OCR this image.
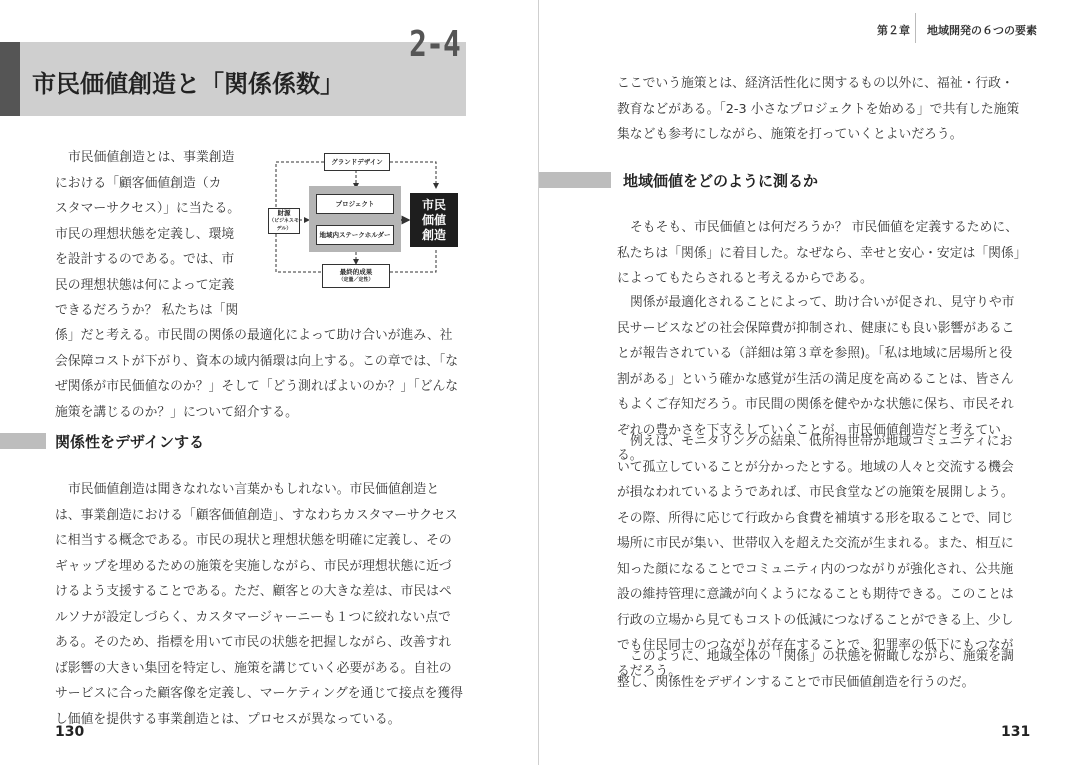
2-4
市民価値創造と「関係係数」
市民価値創造とは、事業創造
における「顧客価値創造（カ
スタマーサクセス）」に当たる。
市民の理想状態を定義し、環境
を設計するのである。では、市
民の理想状態は何によって定義
できるだろうか？ 私たちは「関

係」だと考える。市民間の関係の最適化によって助け合いが進み、社会保障コストが下がり、資本の域内循環は向上する。この章では、「なぜ関係が市民価値なのか？」そして「どう測ればよいのか？」「どんな施策を講じるのか？」について紹介する。

グランドデザイン
財源
（ビジネスモデル）
プロジェクト
地域内ステークホルダー
市民
価値
創造
最終的成果
（定量／定性）
関係性をデザインする

市民価値創造は聞きなれない言葉かもしれない。市民価値創造とは、事業創造における「顧客価値創造」、すなわちカスタマーサクセスに相当する概念である。市民の現状と理想状態を明確に定義し、そのギャップを埋めるための施策を実施しながら、市民が理想状態に近づけるよう支援することである。ただ、顧客との大きな差は、市民はペルソナが設定しづらく、カスタマージャーニーも１つに絞れない点である。そのため、指標を用いて市民の状態を把握しながら、改善すれば影響の大きい集団を特定し、施策を講じていく必要がある。自社のサービスに合った顧客像を定義し、マーケティングを通じて接点を獲得し価値を提供する事業創造とは、プロセスが異なっている。

130
第２章 地域開発の６つの要素

ここでいう施策とは、経済活性化に関するもの以外に、福祉・行政・教育などがある。「2-3 小さなプロジェクトを始める」で共有した施策集なども参考にしながら、施策を打っていくとよいだろう。

地域価値をどのように測るか

そもそも、市民価値とは何だろうか？ 市民価値を定義するために、私たちは「関係」に着目した。なぜなら、幸せと安心・安定は「関係」によってもたらされると考えるからである。

関係が最適化されることによって、助け合いが促され、見守りや市民サービスなどの社会保障費が抑制され、健康にも良い影響があることが報告されている（詳細は第３章を参照)。「私は地域に居場所と役割がある」という確かな感覚が生活の満足度を高めることは、皆さんもよくご存知だろう。市民間の関係を健やかな状態に保ち、市民それぞれの豊かさを下支えしていくことが、市民価値創造だと考えている。

例えば、モニタリングの結果、低所得世帯が地域コミュニティにおいて孤立していることが分かったとする。地域の人々と交流する機会が損なわれているようであれば、市民食堂などの施策を展開しよう。その際、所得に応じて行政から食費を補填する形を取ることで、同じ場所に市民が集い、世帯収入を超えた交流が生まれる。また、相互に知った顔になることでコミュニティ内のつながりが強化され、公共施設の維持管理に意識が向くようになることも期待できる。このことは行政の立場から見てもコストの低減につなげることができる上、少しでも住民同士のつながりが存在することで、犯罪率の低下にもつながるだろう。

このように、地域全体の「関係」の状態を俯瞰しながら、施策を調整し、関係性をデザインすることで市民価値創造を行うのだ。

131
